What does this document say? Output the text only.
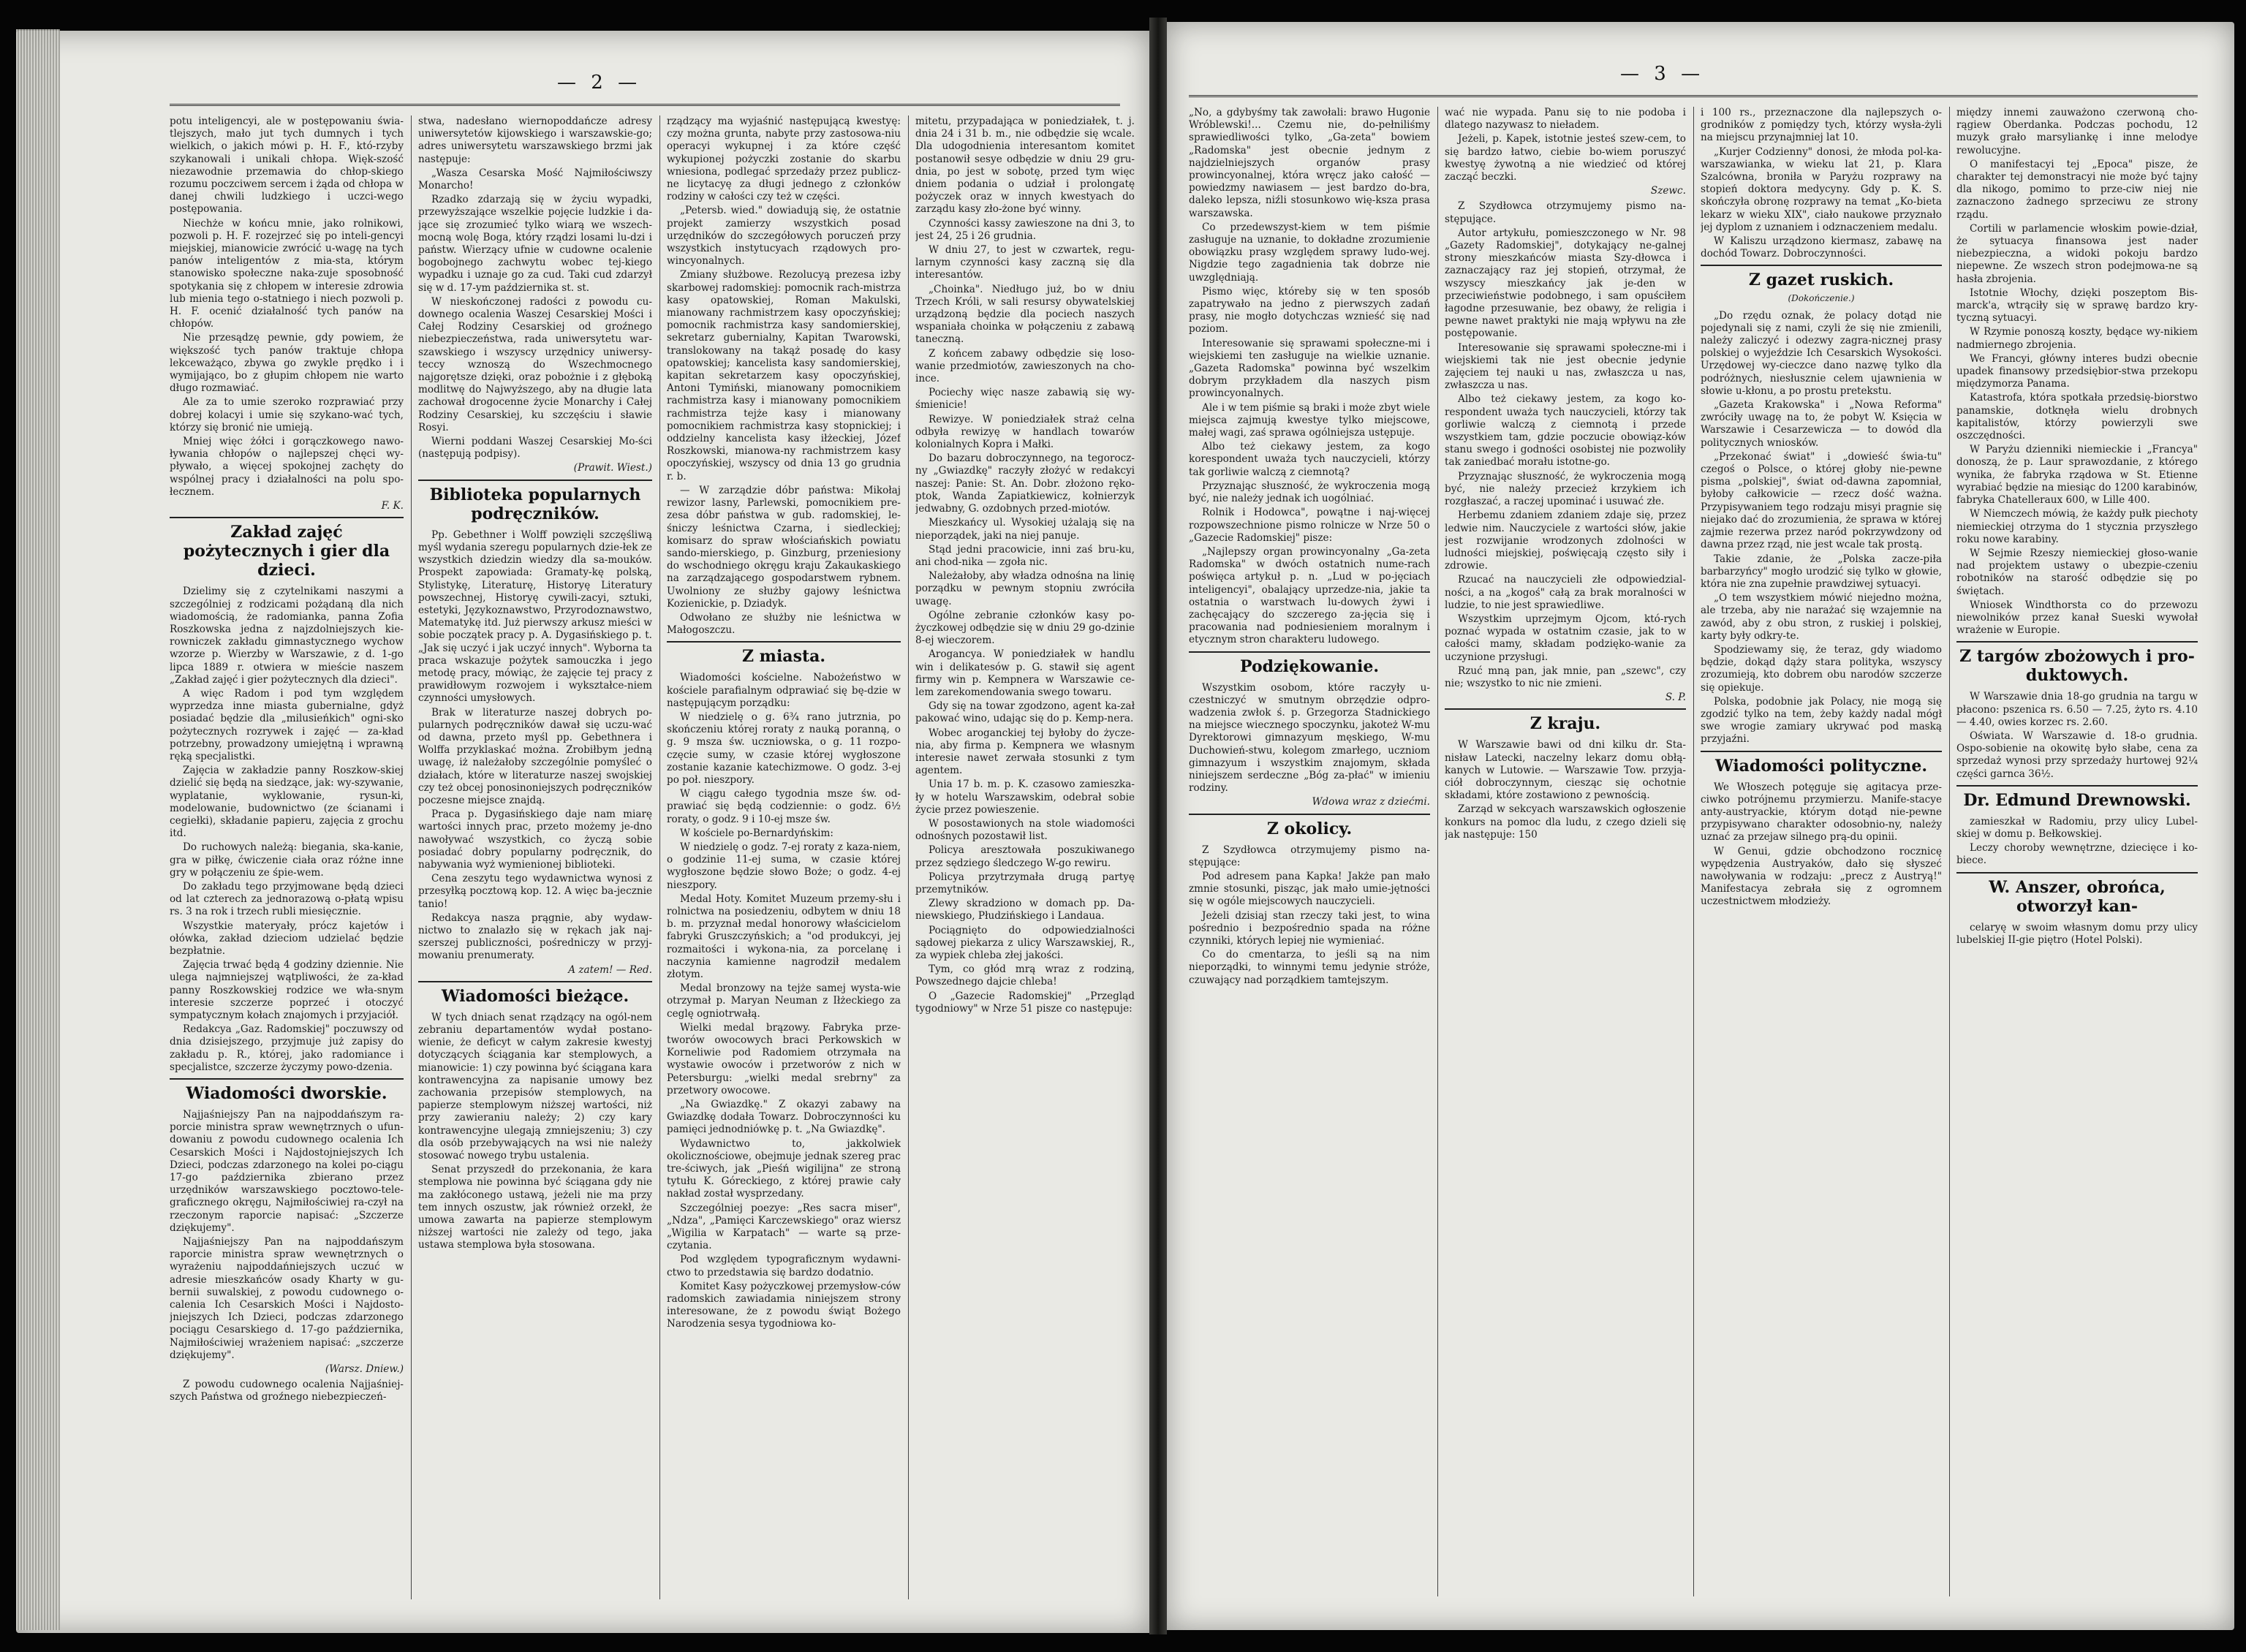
— 2 —

potu inteligencyi, ale w postępowaniu świa-tlejszych, mało jut tych dumnych i tych wielkich, o jakich mówi p. H. F., któ-rzyby szykanowali i unikali chłopa. Więk-szość niezawodnie przemawia do chłop-skiego rozumu poczciwem sercem i żąda od chłopa w danej chwili ludzkiego i uczci-wego postępowania.

Niechże w końcu mnie, jako rolnikowi, pozwoli p. H. F. rozejrzeć się po inteli-gencyi miejskiej, mianowicie zwrócić u-wagę na tych panów inteligentów z mia-sta, którym stanowisko społeczne naka-zuje sposobność spotykania się z chłopem w interesie zdrowia lub mienia tego o-statniego i niech pozwoli p. H. F. ocenić działalność tych panów na chłopów.

Nie przesądzę pewnie, gdy powiem, że większość tych panów traktuje chłopa lekceważąco, zbywa go zwykle prędko i i wymijająco, bo z głupim chłopem nie warto długo rozmawiać.

Ale za to umie szeroko rozprawiać przy dobrej kolacyi i umie się szykano-wać tych, którzy się bronić nie umieją.

Mniej więc żółci i gorączkowego nawo-ływania chłopów o najlepszej chęci wy-pływało, a więcej spokojnej zachęty do wspólnej pracy i działalności na polu spo-łecznem.

F. K.
Zakład zajęć pożytecznych i gier dla dzieci.

Dzielimy się z czytelnikami naszymi a szczególniej z rodzicami pożądaną dla nich wiadomością, że radomianka, panna Zofia Roszkowska jedna z najzdolniejszych kie-rowniczek zakładu gimnastycznego wychow wzorze p. Wierzby w Warszawie, z d. 1-go lipca 1889 r. otwiera w mieście naszem „Zakład zajęć i gier pożytecznych dla dzieci".

A więc Radom i pod tym względem wyprzedza inne miasta gubernialne, gdyż posiadać będzie dla „milusieńkich" ogni-sko pożytecznych rozrywek i zajęć — za-kład potrzebny, prowadzony umiejętną i wprawną ręką specjalistki.

Zajęcia w zakładzie panny Roszkow-skiej dzielić się będą na siedzące, jak: wy-szywanie, wyplatanie, wyklowanie, rysun-ki, modelowanie, budownictwo (ze ścianami i cegiełki), składanie papieru, zajęcia z grochu itd.

Do ruchowych należą: biegania, ska-kanie, gra w piłkę, ćwiczenie ciała oraz różne inne gry w połączeniu ze śpie-wem.

Do zakładu tego przyjmowane będą dzieci od lat czterech za jednorazową o-płatą wpisu rs. 3 na rok i trzech rubli miesięcznie.

Wszystkie materyały, prócz kajetów i ołówka, zakład dzieciom udzielać będzie bezpłatnie.

Zajęcia trwać będą 4 godziny dziennie. Nie ulega najmniejszej wątpliwości, że za-kład panny Roszkowskiej rodzice we wła-snym interesie szczerze poprzeć i otoczyć sympatycznym kołach znajomych i przyjaciół.

Redakcya „Gaz. Radomskiej" poczuwszy od dnia dzisiejszego, przyjmuje już zapisy do zakładu p. R., której, jako radomiance i specjalistce, szczerze życzymy powo-dzenia.

Wiadomości dworskie.

Najjaśniejszy Pan na najpoddańszym ra-porcie ministra spraw wewnętrznych o ufun-dowaniu z powodu cudownego ocalenia Ich Cesarskich Mości i Najdostojniejszych Ich Dzieci, podczas zdarzonego na kolei po-ciągu 17-go października zbierano przez urzędników warszawskiego pocztowo-tele-graficznego okręgu, Najmiłościwiej ra-czył na rzeczonym raporcie napisać: „Szczerze dziękujemy".

Najjaśniejszy Pan na najpoddańszym raporcie ministra spraw wewnętrznych o wyrażeniu najpoddańniejszych uczuć w adresie mieszkańców osady Kharty w gu-bernii suwalskiej, z powodu cudownego o-calenia Ich Cesarskich Mości i Najdosto-jniejszych Ich Dzieci, podczas zdarzonego pociągu Cesarskiego d. 17-go października, Najmiłościwiej wrażeniem napisać: „szczerze dziękujemy".

(Warsz. Dniew.)

Z powodu cudownego ocalenia Najjaśniej-szych Państwa od groźnego niebezpieczeń-

stwa, nadesłano wiernopoddańcze adresy uniwersytetów kijowskiego i warszawskie-go; adres uniwersytetu warszawskiego brzmi jak następuje:

„Wasza Cesarska Mość Najmiłościwszy Monarcho!

Rzadko zdarzają się w życiu wypadki, przewyższające wszelkie pojęcie ludzkie i da-jące się zrozumieć tylko wiarą we wszech-mocną wolę Boga, który rządzi losami lu-dzi i państw. Wierzący ufnie w cudowne ocalenie bogobojnego zachwytu wobec tej-kiego wypadku i uznaje go za cud. Taki cud zdarzył się w d. 17-ym października st. st.

W nieskończonej radości z powodu cu-downego ocalenia Waszej Cesarskiej Mości i Całej Rodziny Cesarskiej od groźnego niebezpieczeństwa, rada uniwersytetu war-szawskiego i wszyscy urzędnicy uniwersy-teccy wznoszą do Wszechmocnego najgorętsze dzięki, oraz pobożnie i z głęboką modlitwę do Najwyższego, aby na długie lata zachował drogocenne życie Monarchy i Całej Rodziny Cesarskiej, ku szczęściu i sławie Rosyi.

Wierni poddani Waszej Cesarskiej Mo-ści (następują podpisy).

(Prawit. Wiest.)
Biblioteka popularnych podręczników.

Pp. Gebethner i Wolff powzięli szczęśliwą myśl wydania szeregu popularnych dzie-łek ze wszystkich dziedzin wiedzy dla sa-mouków. Prospekt zapowiada: Gramaty-kę polską, Stylistykę, Literaturę, Historyę Literatury powszechnej, Historyę cywili-zacyi, sztuki, estetyki, Językoznawstwo, Przyrodoznawstwo, Matematykę itd. Już pierwszy arkusz mieści w sobie początek pracy p. A. Dygasińskiego p. t. „Jak się uczyć i jak uczyć innych". Wyborna ta praca wskazuje pożytek samouczka i jego metodę pracy, mówiąc, że zajęcie tej pracy z prawidłowym rozwojem i wykształce-niem czynności umysłowych.

Brak w literaturze naszej dobrych po-pularnych podręczników dawał się uczu-wać od dawna, przeto myśl pp. Gebethnera i Wolffa przyklaskać można. Zrobiłbym jedną uwagę, iż należałoby szczególnie pomyśleć o działach, które w literaturze naszej swojskiej czy też obcej ponosinoniejszych podręczników poczesne miejsce znajdą.

Praca p. Dygasińskiego daje nam miarę wartości innych prac, przeto możemy je-dno nawoływać wszystkich, co życzą sobie posiadać dobry popularny podręcznik, do nabywania wyż wymienionej biblioteki.

Cena zeszytu tego wydawnictwa wynosi z przesyłką pocztową kop. 12. A więc ba-jecznie tanio!

Redakcya nasza prągnie, aby wydaw-nictwo to znalazło się w rękach jak naj-szerszej publiczności, pośredniczy w przyj-mowaniu prenumeraty.

A zatem! — Red.
Wiadomości bieżące.

W tych dniach senat rządzący na ogól-nem zebraniu departamentów wydał postano-wienie, że deficyt w całym zakresie kwestyj dotyczących ściągania kar stemplowych, a mianowicie: 1) czy powinna być ściągana kara kontrawencyjna za napisanie umowy bez zachowania przepisów stemplowych, na papierze stemplowym niższej wartości, niż przy zawieraniu należy; 2) czy kary kontrawencyjne ulegają zmniejszeniu; 3) czy dla osób przebywających na wsi nie należy stosować nowego trybu ustalenia.

Senat przyszedł do przekonania, że kara stemplowa nie powinna być ściągana gdy nie ma zakłóconego ustawą, jeżeli nie ma przy tem innych oszustw, jak również orzekł, że umowa zawarta na papierze stemplowym niższej wartości nie zależy od tego, jaka ustawa stemplowa była stosowana.

rządzący ma wyjaśnić następującą kwestyę: czy można grunta, nabyte przy zastosowa-niu operacyi wykupnej i za które część wykupionej pożyczki zostanie do skarbu wniesiona, podlegać sprzedaży przez publicz-ne licytacyę za długi jednego z członków rodziny w całości czy też w części.

„Petersb. wied." dowiadują się, że ostatnie projekt zamierzy wszystkich posad urzędników do szczegółowych poruczeń przy wszystkich instytucyach rządowych pro-wincyonalnych.

Zmiany służbowe. Rezolucyą prezesa izby skarbowej radomskiej: pomocnik rach-mistrza kasy opatowskiej, Roman Makulski, mianowany rachmistrzem kasy opoczyńskiej; pomocnik rachmistrza kasy sandomierskiej, sekretarz gubernialny, Kapitan Twarowski, translokowany na takąż posadę do kasy opatowskiej; kancelista kasy sandomierskiej, kapitan sekretarzem kasy opoczyńskiej, Antoni Tymiński, mianowany pomocnikiem rachmistrza kasy i mianowany pomocnikiem rachmistrza tejże kasy i mianowany pomocnikiem rachmistrza kasy stopnickiej; i oddzielny kancelista kasy iłżeckiej, Józef Roszkowski, mianowa-ny rachmistrzem kasy opoczyńskiej, wszyscy od dnia 13 go grudnia r. b.

— W zarządzie dóbr państwa: Mikołaj rewizor lasny, Parlewski, pomocnikiem pre-zesa dóbr państwa w gub. radomskiej, le-śniczy leśnictwa Czarna, i siedleckiej; komisarz do spraw włościańskich powiatu sando-mierskiego, p. Ginzburg, przeniesiony do wschodniego okręgu kraju Zakaukaskiego na zarządzającego gospodarstwem rybnem. Uwolniony ze służby gajowy leśnictwa Kozienickie, p. Dziadyk.

Odwołano ze służby nie leśnictwa w Małogoszczu.

Z miasta.

Wiadomości kościelne. Nabożeństwo w kościele parafialnym odprawiać się bę-dzie w następującym porządku:

W niedzielę o g. 6¾ rano jutrznia, po skończeniu której roraty z nauką poranną, o g. 9 msza św. uczniowska, o g. 11 rozpo-częcie sumy, w czasie której wygłoszone zostanie kazanie katechizmowe. O godz. 3-ej po poł. nieszpory.

W ciągu całego tygodnia msze św. od-prawiać się będą codziennie: o godz. 6½ roraty, o godz. 9 i 10-ej msze św.

W kościele po-Bernardyńskim:

W niedzielę o godz. 7-ej roraty z kaza-niem, o godzinie 11-ej suma, w czasie której wygłoszone będzie słowo Boże; o godz. 4-ej nieszpory.

Medal Hoty. Komitet Muzeum przemy-słu i rolnictwa na posiedzeniu, odbytem w dniu 18 b. m. przyznał medal honorowy właścicielom fabryki Gruszczyńskich; a "od produkcyi, jej rozmaitości i wykona-nia, za porcelanę i naczynia kamienne nagrodził medalem złotym.

Medal bronzowy na tejże samej wysta-wie otrzymał p. Maryan Neuman z Iłżeckiego za ceglę ogniotrwałą.

Wielki medal brązowy. Fabryka prze-tworów owocowych braci Perkowskich w Korneliwie pod Radomiem otrzymała na wystawie owoców i przetworów z nich w Petersburgu: „wielki medal srebrny" za przetwory owocowe.

„Na Gwiazdkę." Z okazyi zabawy na Gwiazdkę dodała Towarz. Dobroczynności ku pamięci jednodniówkę p. t. „Na Gwiazdkę".

Wydawnictwo to, jakkolwiek okolicznościowe, obejmuje jednak szereg prac tre-ściwych, jak „Pieśń wigilijna" ze stroną tytułu K. Góreckiego, z której prawie cały nakład został wysprzedany.

Szczególniej poezye: „Res sacra miser", „Ndza", „Pamięci Karczewskiego" oraz wiersz „Wigilia w Karpatach" — warte są prze-czytania.

Pod względem typograficznym wydawni-ctwo to przedstawia się bardzo dodatnio.

Komitet Kasy pożyczkowej przemysłow-ców radomskich zawiadamia niniejszem strony interesowane, że z powodu świąt Bożego Narodzenia sesya tygodniowa ko-

mitetu, przypadająca w poniedziałek, t. j. dnia 24 i 31 b. m., nie odbędzie się wcale. Dla udogodnienia interesantom komitet postanowił sesye odbędzie w dniu 29 gru-dnia, po jest w sobotę, przed tym więc dniem podania o udział i prolongatę pożyczek oraz w innych kwestyach do zarządu kasy zło-żone być winny.

Czynności kassy zawieszone na dni 3, to jest 24, 25 i 26 grudnia.

W dniu 27, to jest w czwartek, regu-larnym czynności kasy zaczną się dla interesantów.

„Choinka". Niedługo już, bo w dniu Trzech Króli, w sali resursy obywatelskiej urządzoną będzie dla pociech naszych wspaniała choinka w połączeniu z zabawą taneczną.

Z końcem zabawy odbędzie się loso-wanie przedmiotów, zawieszonych na cho-ince.

Pociechy więc nasze zabawią się wy-śmienicie!

Rewizye. W poniedziałek straż celna odbyła rewizyę w handlach towarów kolonialnych Kopra i Małki.

Do bazaru dobroczynnego, na tegorocz-ny „Gwiazdkę" raczyły złożyć w redakcyi naszej: Panie: St. An. Dobr. złożono ręko-ptok, Wanda Zapiatkiewicz, kołnierzyk jedwabny, G. ozdobnych przed-miotów.

Mieszkańcy ul. Wysokiej użalają się na nieporządek, jaki na niej panuje.

Stąd jedni pracowicie, inni zaś bru-ku, ani chod-nika — zgoła nic.

Należałoby, aby władza odnośna na linię porządku w pewnym stopniu zwróciła uwagę.

Ogólne zebranie członków kasy po-życzkowej odbędzie się w dniu 29 go-dzinie 8-ej wieczorem.

Arogancya. W poniedziałek w handlu win i delikatesów p. G. stawił się agent firmy win p. Kempnera w Warszawie ce-lem zarekomendowania swego towaru.

Gdy się na towar zgodzono, agent ka-zał pakować wino, udając się do p. Kemp-nera.

Wobec aroganckiej tej byłoby do życze-nia, aby firma p. Kempnera we własnym interesie nawet zerwała stosunki z tym agentem.

Unia 17 b. m. p. K. czasowo zamieszka-ły w hotelu Warszawskim, odebrał sobie życie przez powieszenie.

W posostawionych na stole wiadomości odnośnych pozostawił list.

Policya aresztowała poszukiwanego przez sędziego śledczego W-go rewiru.

Policya przytrzymała drugą partyę przemytników.

Zlewy skradziono w domach pp. Da-niewskiego, Płudzińskiego i Landaua.

Pociągnięto do odpowiedzialności sądowej piekarza z ulicy Warszawskiej, R., za wypiek chleba złej jakości.

Tym, co głód mrą wraz z rodziną, Powszednego dajcie chleba!

O „Gazecie Radomskiej" „Przegląd tygodniowy" w Nrze 51 pisze co następuje:

— 3 —

„No, a gdybyśmy tak zawołali: brawo Hugonie Wróblewski!... Czemu nie, do-pełniliśmy sprawiedliwości tylko, „Ga-zeta" bowiem „Radomska" jest obecnie jednym z najdzielniejszych organów prasy prowincyonalnej, która wręcz jako całość — powiedzmy nawiasem — jest bardzo do-bra, daleko lepsza, niźli stosunkowo wię-ksza prasa warszawska.

Co przedewszyst-kiem w tem piśmie zasługuje na uznanie, to dokładne zrozumienie obowiązku prasy względem sprawy ludo-wej. Nigdzie tego zagadnienia tak dobrze nie uwzględniają.

Pismo więc, któreby się w ten sposób zapatrywało na jedno z pierwszych zadań prasy, nie mogło dotychczas wznieść się nad poziom.

Interesowanie się sprawami społeczne-mi i wiejskiemi ten zasługuje na wielkie uznanie. „Gazeta Radomska" powinna być wszelkim dobrym przykładem dla naszych pism prowincyonalnych.

Ale i w tem piśmie są braki i może zbyt wiele miejsca zajmują kwestye tylko miejscowe, małej wagi, zaś sprawa ogólniejsza ustępuje.

Albo też ciekawy jestem, za kogo korespondent uważa tych nauczycieli, którzy tak gorliwie walczą z ciemnotą?

Przyznając słuszność, że wykroczenia mogą być, nie należy jednak ich uogólniać.

Rolnik i Hodowca", powątne i naj-więcej rozpowszechnione pismo rolnicze w Nrze 50 o „Gazecie Radomskiej" pisze:

„Najlepszy organ prowincyonalny „Ga-zeta Radomska" w dwóch ostatnich nume-rach poświęca artykuł p. n. „Lud w po-jęciach inteligencyi", obalający uprzedze-nia, jakie ta ostatnia o warstwach lu-dowych żywi i zachęcający do szczerego za-jęcia się i pracowania nad podniesieniem moralnym i etycznym stron charakteru ludowego.

Podziękowanie.

Wszystkim osobom, które raczyły u-czestniczyć w smutnym obrzędzie odpro-wadzenia zwłok ś. p. Grzegorza Stadnickiego na miejsce wiecznego spoczynku, jakoteż W-mu Dyrektorowi gimnazyum męskiego, W-mu Duchowień-stwu, kolegom zmarłego, uczniom gimnazyum i wszystkim znajomym, składa niniejszem serdeczne „Bóg za-płać" w imieniu rodziny.

Wdowa wraz z dziećmi.
Z okolicy.

Z Szydłowca otrzymujemy pismo na-stępujące:

Pod adresem pana Kapka! Jakże pan mało zmnie stosunki, pisząc, jak mało umie-jętności się w ogóle miejscowych nauczycieli.

Jeżeli dzisiaj stan rzeczy taki jest, to wina pośrednio i bezpośrednio spada na różne czynniki, których lepiej nie wymieniać.

Co do cmentarza, to jeśli są na nim nieporządki, to winnymi temu jedynie stróże, czuwający nad porządkiem tamtejszym.

wać nie wypada. Panu się to nie podoba i dlatego nazywasz to nieładem.

Jeżeli, p. Kapek, istotnie jesteś szew-cem, to się bardzo łatwo, ciebie bo-wiem poruszyć kwestyę żywotną a nie wiedzieć od której zacząć beczki.

Szewc.

Z Szydłowca otrzymujemy pismo na-stępujące.

Autor artykułu, pomieszczonego w Nr. 98 „Gazety Radomskiej", dotykający ne-galnej strony mieszkańców miasta Szy-dłowca i zaznaczający raz jej stopień, otrzymał, że wszyscy mieszkańcy jak je-den w przeciwieństwie podobnego, i sam opuściłem łagodne przesuwanie, bez obawy, że religia i pewne nawet praktyki nie mają wpływu na złe postępowanie.

Interesowanie się sprawami społeczne-mi i wiejskiemi tak nie jest obecnie jedynie zajęciem tej nauki u nas, zwłaszcza u nas, zwłaszcza u nas.

Albo też ciekawy jestem, za kogo ko-respondent uważa tych nauczycieli, którzy tak gorliwie walczą z ciemnotą i przede wszystkiem tam, gdzie poczucie obowiąz-ków stanu swego i godności osobistej nie pozwoliły tak zaniedbać morału istotne-go.

Przyznając słuszność, że wykroczenia mogą być, nie należy przecież krzykiem ich rozgłaszać, a raczej upominać i usuwać złe.

Herbemu zdaniem zdaniem zdaje się, przez ledwie nim. Nauczyciele z wartości słów, jakie jest rozwijanie wrodzonych zdolności w ludności miejskiej, poświęcają często siły i zdrowie.

Rzucać na nauczycieli złe odpowiedzial-ności, a na „kogoś" całą za brak moralności w ludzie, to nie jest sprawiedliwe.

Wszystkim uprzejmym Ojcom, któ-rych poznać wypada w ostatnim czasie, jak to w całości mamy, składam podzięko-wanie za uczynione przysługi.

Rzuć mną pan, jak mnie, pan „szewc", czy nie; wszystko to nic nie zmieni.

S. P.
Z kraju.

W Warszawie bawi od dni kilku dr. Sta-nisław Latecki, naczelny lekarz domu obłą-kanych w Lutowie. — Warszawie Tow. przyja-ciół dobroczynnym, ciesząc się ochotnie składami, które zostawiono z pewnością.

Zarząd w sekcyach warszawskich ogłoszenie konkurs na pomoc dla ludu, z czego dzieli się jak następuje: 150

i 100 rs., przeznaczone dla najlepszych o-grodników z pomiędzy tych, którzy wysła-żyli na miejscu przynajmniej lat 10.

„Kurjer Codzienny" donosi, że młoda pol-ka-warszawianka, w wieku lat 21, p. Klara Szalcówna, broniła w Paryżu rozprawy na stopień doktora medycyny. Gdy p. K. S. skończyła obronę rozprawy na temat „Ko-bieta lekarz w wieku XIX", ciało naukowe przyznało jej dyplom z uznaniem i odznaczeniem medalu.

W Kaliszu urządzono kiermasz, zabawę na dochód Towarz. Dobroczynności.

Z gazet ruskich.
(Dokończenie.)

„Do rzędu oznak, że polacy dotąd nie pojedynali się z nami, czyli że się nie zmienili, należy zaliczyć i odezwy zagra-nicznej prasy polskiej o wyjeździe Ich Cesarskich Wysokości. Urzędowej wy-cieczce dano nazwę tylko dla podróżnych, niesłusznie celem ujawnienia w słowie u-kłonu, a po prostu pretekstu.

„Gazeta Krakowska" i „Nowa Reforma" zwróciły uwagę na to, że pobyt W. Księcia w Warszawie i Cesarzewicza — to dowód dla politycznych wniosków.

„Przekonać świat" i „dowieść świa-tu" czegoś o Polsce, o której głoby nie-pewne pisma „polskiej", świat od-dawna zapomniał, byłoby całkowicie — rzecz dość ważna. Przypisywaniem tego rodzaju misyi pragnie się niejako dać do zrozumienia, że sprawa w której zajmie rezerwa przez naród pokrzywdzony od dawna przez rząd, nie jest wcale tak prostą.

Takie zdanie, że „Polska zacze-piła barbarzyńcy" mogło urodzić się tylko w głowie, która nie zna zupełnie prawdziwej sytuacyi.

„O tem wszystkiem mówić niejedno można, ale trzeba, aby nie narażać się wzajemnie na zawód, aby z obu stron, z ruskiej i polskiej, karty były odkry-te.

Spodziewamy się, że teraz, gdy wiadomo będzie, dokąd dąży stara polityka, wszyscy zrozumieją, kto dobrem obu narodów szczerze się opiekuje.

Polska, podobnie jak Polacy, nie mogą się zgodzić tylko na tem, żeby każdy nadal mógł swe wrogie zamiary ukrywać pod maską przyjaźni.

Wiadomości polityczne.

We Włoszech potęguje się agitacya prze-ciwko potrójnemu przymierzu. Manife-stacye anty-austryackie, którym dotąd nie-pewne przypisywano charakter odosobnio-ny, należy uznać za przejaw silnego prą-du opinii.

W Genui, gdzie obchodzono rocznicę wypędzenia Austryaków, dało się słyszeć nawoływania w rodzaju: „precz z Austryą!" Manifestacya zebrała się z ogromnem uczestnictwem młodzieży.

między innemi zauważono czerwoną cho-rągiew Oberdanka. Podczas pochodu, 12 muzyk grało marsyliankę i inne melodye rewolucyjne.

O manifestacyi tej „Epoca" pisze, że charakter tej demonstracyi nie może być tajny dla nikogo, pomimo to prze-ciw niej nie zaznaczono żadnego sprzeciwu ze strony rządu.

Cortili w parlamencie włoskim powie-dział, że sytuacya finansowa jest nader niebezpieczna, a widoki pokoju bardzo niepewne. Ze wszech stron podejmowa-ne są hasła zbrojenia.

Istotnie Włochy, dzięki poszeptom Bis-marck'a, wtrąciły się w sprawę bardzo kry-tyczną sytuacyi.

W Rzymie ponoszą koszty, będące wy-nikiem nadmiernego zbrojenia.

We Francyi, główny interes budzi obecnie upadek finansowy przedsiębior-stwa przekopu międzymorza Panama.

Katastrofa, która spotkała przedsię-biorstwo panamskie, dotknęła wielu drobnych kapitalistów, którzy powierzyli swe oszczędności.

W Paryżu dzienniki niemieckie i „Francya" donoszą, że p. Laur sprawozdanie, z którego wynika, że fabryka rządowa w St. Etienne wyrabiać będzie na miesiąc do 1200 karabinów, fabryka Chatelleraux 600, w Lille 400.

W Niemczech mówią, że każdy pułk piechoty niemieckiej otrzyma do 1 stycznia przyszłego roku nowe karabiny.

W Sejmie Rzeszy niemieckiej głoso-wanie nad projektem ustawy o ubezpie-czeniu robotników na starość odbędzie się po świętach.

Wniosek Windthorsta co do przewozu niewolników przez kanał Sueski wywołał wrażenie w Europie.

Z targów zbożowych i pro-duktowych.

W Warszawie dnia 18-go grudnia na targu w płacono: pszenica rs. 6.50 — 7.25, żyto rs. 4.10 — 4.40, owies korzec rs. 2.60.

Oświata. W Warszawie d. 18-o grudnia. Ospo-sobienie na okowitę było słabe, cena za sprzedaż wynosi przy sprzedaży hurtowej 92¼ części garnca 36½.

Dr. Edmund Drewnowski.

zamieszkał w Radomiu, przy ulicy Lubel-skiej w domu p. Bełkowskiej.

Leczy choroby wewnętrzne, dziecięce i ko-biece.

W. Anszer, obrońca, otworzył kan-

celaryę w swoim własnym domu przy ulicy lubelskiej II-gie piętro (Hotel Polski).
